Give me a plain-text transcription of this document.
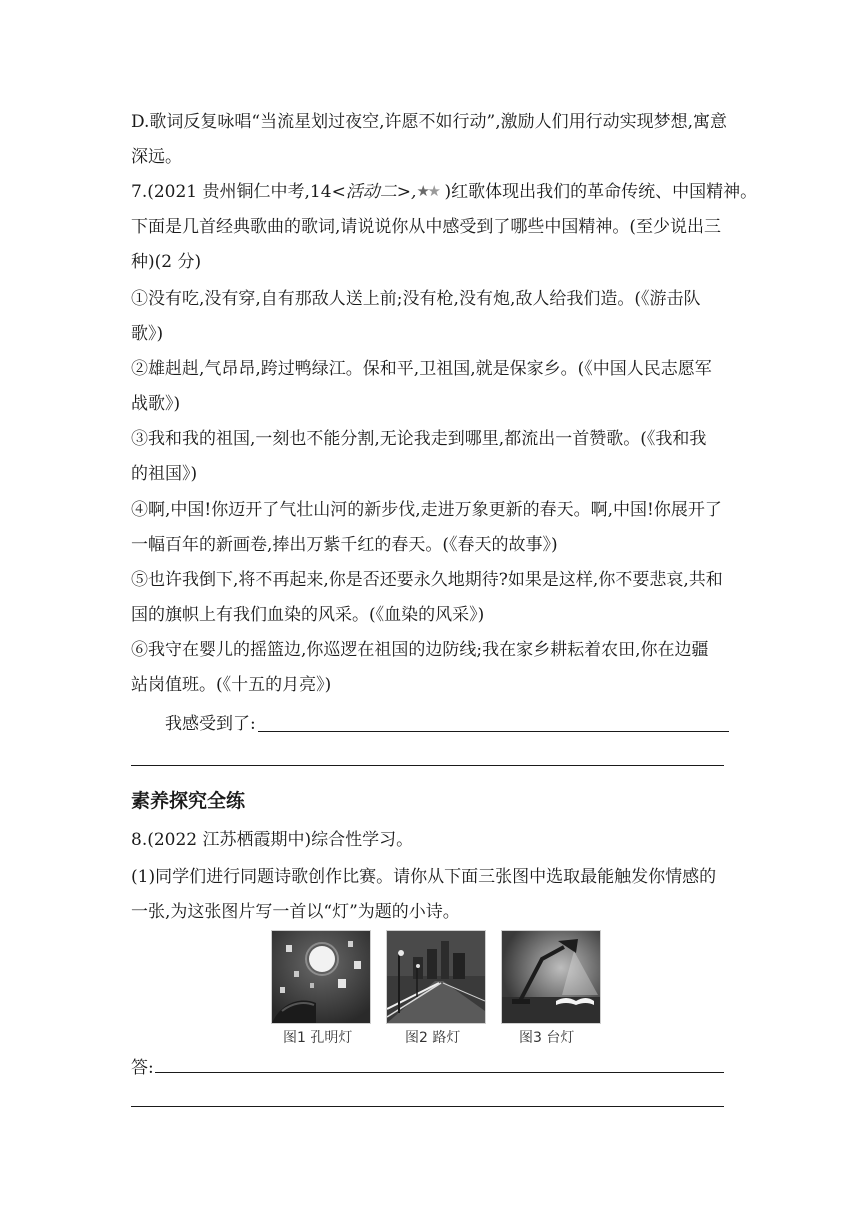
D.歌词反复咏唱“当流星划过夜空,许愿不如行动”,激励人们用行动实现梦想,寓意
深远。
7.(2021 贵州铜仁中考,14<活动二>, ★
★ )红歌体现出我们的革命传统、中国精神。
下面是几首经典歌曲的歌词,请说说你从中感受到了哪些中国精神。(至少说出三
种)(2 分)
①没有吃,没有穿,自有那敌人送上前;没有枪,没有炮,敌人给我们造。(《游击队
歌》)
②雄赳赳,气昂昂,跨过鸭绿江。保和平,卫祖国,就是保家乡。(《中国人民志愿军
战歌》)
③我和我的祖国,一刻也不能分割,无论我走到哪里,都流出一首赞歌。(《我和我
的祖国》)
④啊,中国!你迈开了气壮山河的新步伐,走进万象更新的春天。啊,中国!你展开了
一幅百年的新画卷,捧出万紫千红的春天。(《春天的故事》)
⑤也许我倒下,将不再起来,你是否还要永久地期待?如果是这样,你不要悲哀,共和
国的旗帜上有我们血染的风采。(《血染的风采》)
⑥我守在婴儿的摇篮边,你巡逻在祖国的边防线;我在家乡耕耘着农田,你在边疆
站岗值班。(《十五的月亮》)
我感受到了:
素养探究全练
8.(2022 江苏栖霞期中)综合性学习。
(1)同学们进行同题诗歌创作比赛。请你从下面三张图中选取最能触发你情感的
一张,为这张图片写一首以“灯”为题的小诗。
图1 孔明灯	图2 路灯	图3 台灯
答:
